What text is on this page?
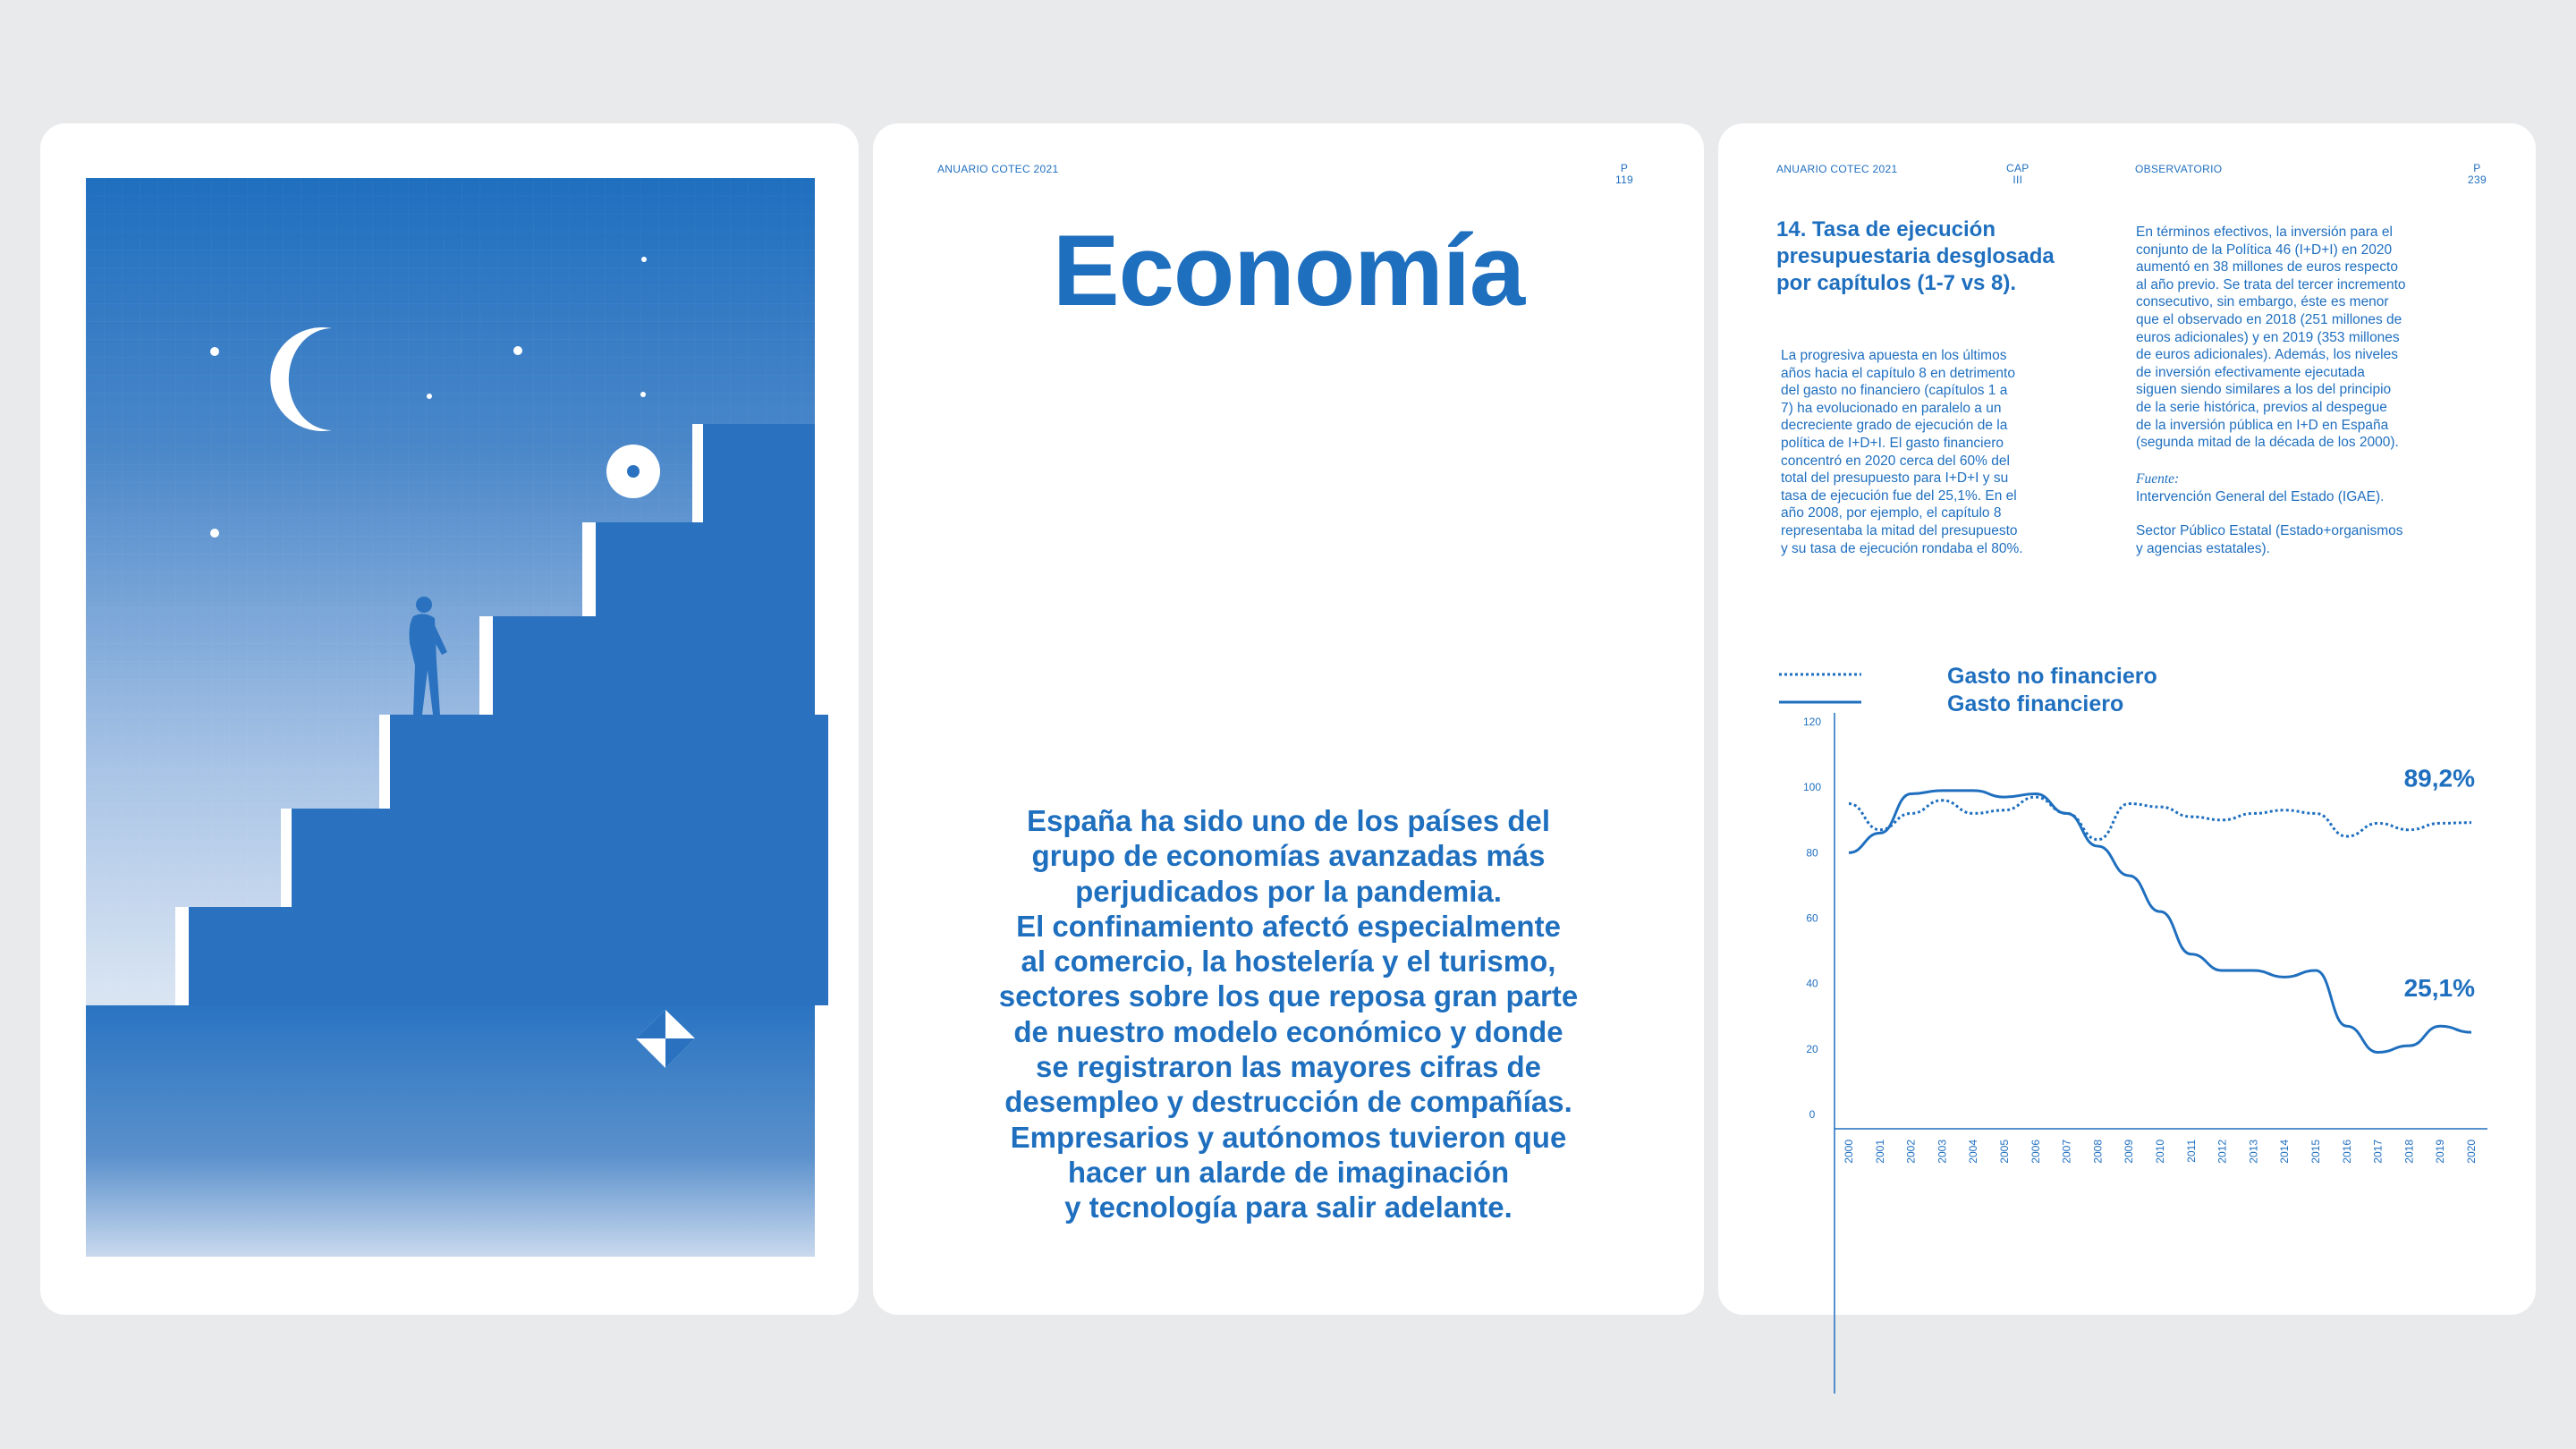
ANUARIO COTEC 2021	P
119
Economía
España ha sido uno de los países del
grupo de economías avanzadas más
perjudicados por la pandemia.
El confinamiento afectó especialmente
al comercio, la hostelería y el turismo,
sectores sobre los que reposa gran parte
de nuestro modelo económico y donde
se registraron las mayores cifras de
desempleo y destrucción de compañías.
Empresarios y autónomos tuvieron que
hacer un alarde de imaginación
y tecnología para salir adelante.
ANUARIO COTEC 2021	CAP
III
OBSERVATORIO	P
239
14. Tasa de ejecución
presupuestaria desglosada
por capítulos (1-7 vs 8).
La progresiva apuesta en los últimos
años hacia el capítulo 8 en detrimento
del gasto no financiero (capítulos 1 a
7) ha evolucionado en paralelo a un
decreciente grado de ejecución de la
política de I+D+I. El gasto financiero
concentró en 2020 cerca del 60% del
total del presupuesto para I+D+I y su
tasa de ejecución fue del 25,1%. En el
año 2008, por ejemplo, el capítulo 8
representaba la mitad del presupuesto
y su tasa de ejecución rondaba el 80%.
En términos efectivos, la inversión para el
conjunto de la Política 46 (I+D+I) en 2020
aumentó en 38 millones de euros respecto
al año previo. Se trata del tercer incremento
consecutivo, sin embargo, éste es menor
que el observado en 2018 (251 millones de
euros adicionales) y en 2019 (353 millones
de euros adicionales). Además, los niveles
de inversión efectivamente ejecutada
siguen siendo similares a los del principio
de la serie histórica, previos al despegue
de la inversión pública en I+D en España
(segunda mitad de la década de los 2000).
Fuente:
Intervención General del Estado (IGAE).
Sector Público Estatal (Estado+organismos
y agencias estatales).
Gasto no financiero
Gasto financiero
0
20
40
60
80
100
120
2000 2001 2002 2003 2004 2005 2006 2007 2008 2009 2010 2011 2012 2013 2014 2015 2016 2017 2018 2019 2020
89,2%
25,1%
